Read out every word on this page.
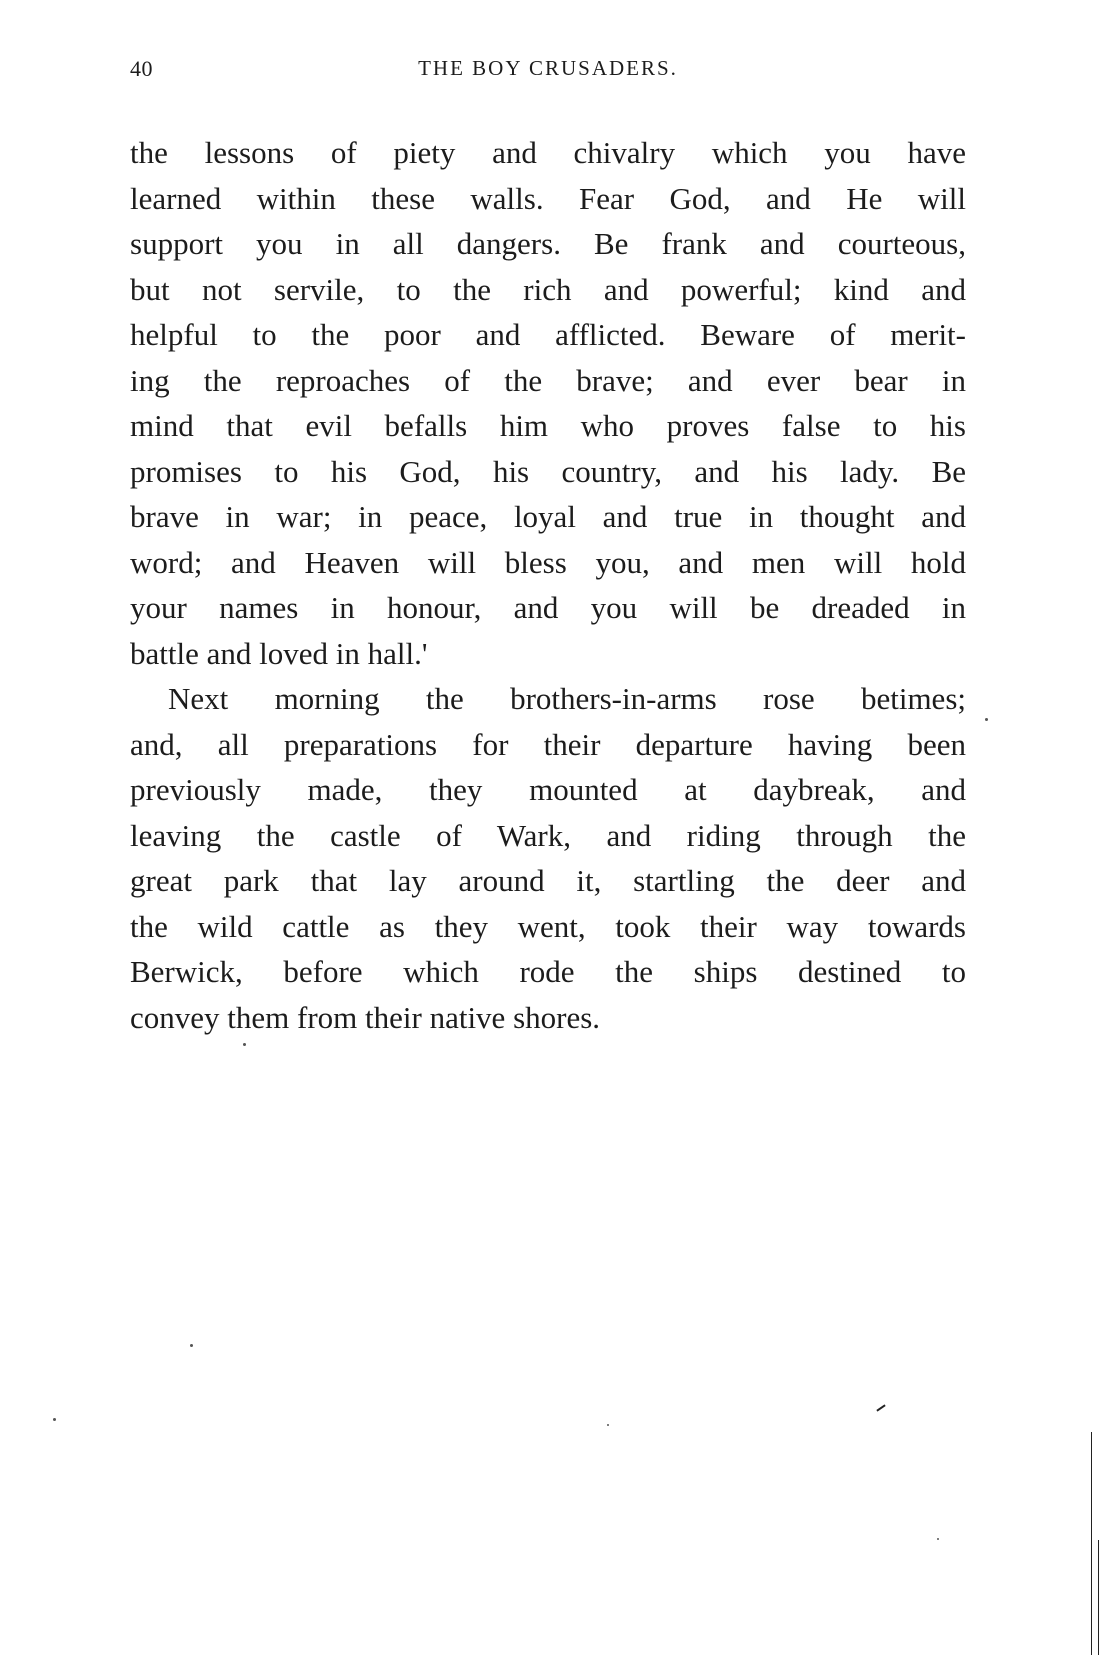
40	THE BOY CRUSADERS.
the lessons of piety and chivalry which you have
learned within these walls. Fear God, and He will
support you in all dangers. Be frank and courteous,
but not servile, to the rich and powerful; kind and
helpful to the poor and afflicted. Beware of merit-
ing the reproaches of the brave; and ever bear in
mind that evil befalls him who proves false to his
promises to his God, his country, and his lady. Be
brave in war; in peace, loyal and true in thought and
word; and Heaven will bless you, and men will hold
your names in honour, and you will be dreaded in
battle and loved in hall.'
Next morning the brothers-in-arms rose betimes;
and, all preparations for their departure having been
previously made, they mounted at daybreak, and
leaving the castle of Wark, and riding through the
great park that lay around it, startling the deer and
the wild cattle as they went, took their way towards
Berwick, before which rode the ships destined to
convey them from their native shores.
